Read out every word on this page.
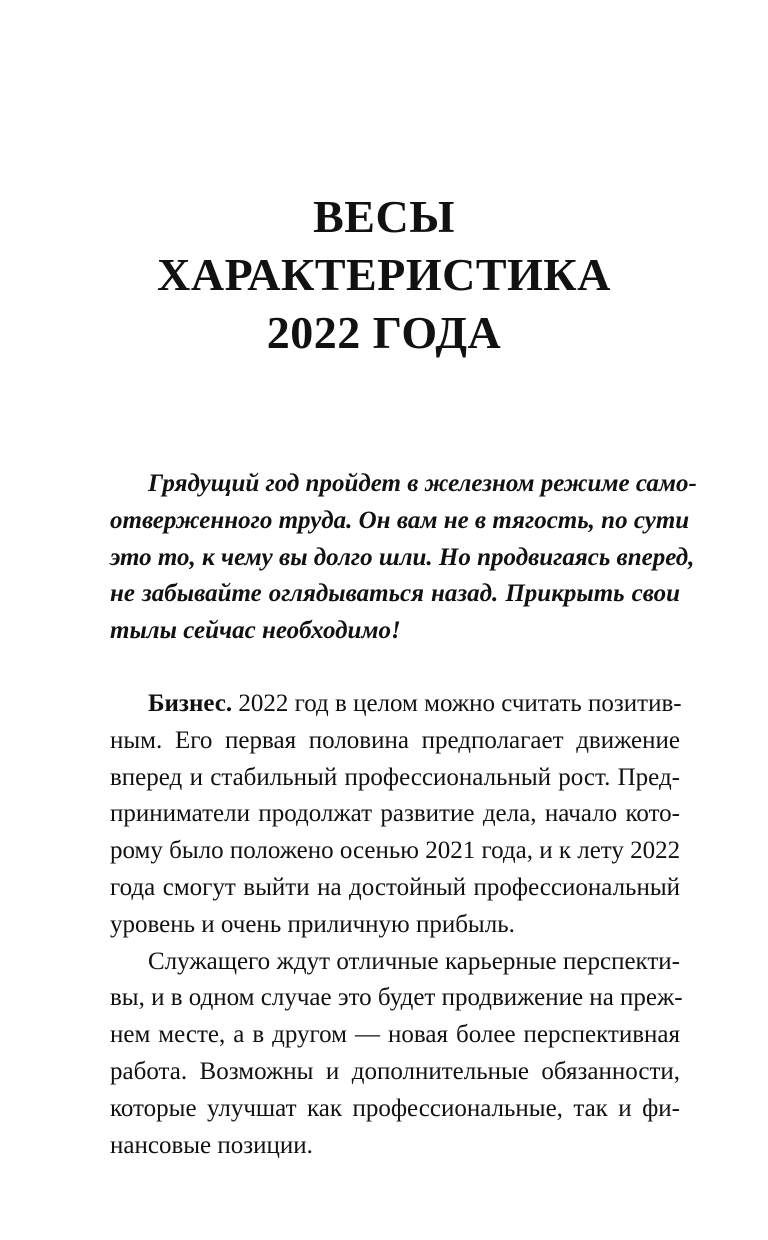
ВЕСЫ
ХАРАКТЕРИСТИКА
2022 ГОДА
Грядущий год пройдет в железном режиме само-
отверженного труда. Он вам не в тягость, по сути
это то, к чему вы долго шли. Но продвигаясь вперед,
не забывайте оглядываться назад. Прикрыть свои
тылы сейчас необходимо!
Бизнес. 2022 год в целом можно считать позитив-
ным. Его первая половина предполагает движение
вперед и стабильный профессиональный рост. Пред-
приниматели продолжат развитие дела, начало кото-
рому было положено осенью 2021 года, и к лету 2022
года смогут выйти на достойный профессиональный
уровень и очень приличную прибыль.
Служащего ждут отличные карьерные перспекти-
вы, и в одном случае это будет продвижение на преж-
нем месте, а в другом — новая более перспективная
работа. Возможны и дополнительные обязанности,
которые улучшат как профессиональные, так и фи-
нансовые позиции.
